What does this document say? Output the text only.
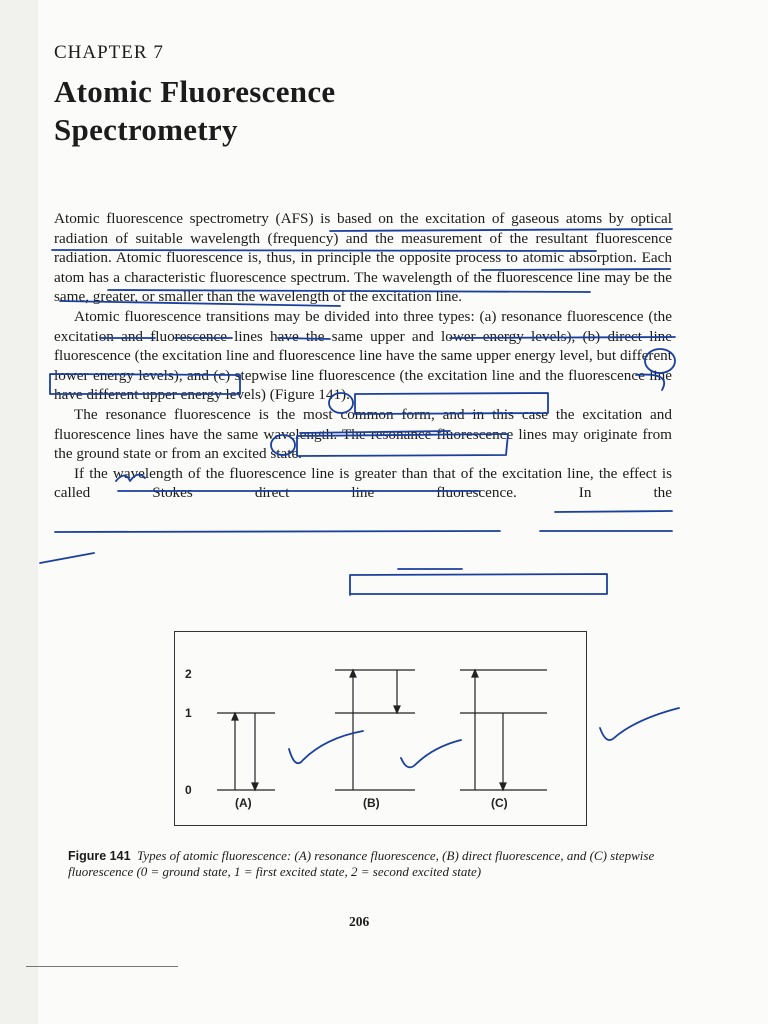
CHAPTER 7
Atomic Fluorescence
Spectrometry

Atomic fluorescence spectrometry (AFS) is based on the excitation of gaseous atoms by optical radiation of suitable wavelength (frequency) and the measurement of the resultant fluorescence radiation. Atomic fluorescence is, thus, in principle the opposite process to atomic absorption. Each atom has a characteristic fluorescence spectrum. The wavelength of the fluorescence line may be the same, greater, or smaller than the wavelength of the excitation line.

Atomic fluorescence transitions may be divided into three types: (a) resonance fluorescence (the excitation and fluorescence lines have the same upper and lower energy levels), (b) direct line fluorescence (the excitation line and fluorescence line have the same upper energy level, but different lower energy levels), and (c) stepwise line fluorescence (the excitation line and the fluorescence line have different upper energy levels) (Figure 141).

The resonance fluorescence is the most common form, and in this case the excitation and fluorescence lines have the same wavelength. The resonance fluorescence lines may originate from the ground state or from an excited state.

If the wavelength of the fluorescence line is greater than that of the excitation line, the effect is called Stokes direct line fluorescence. In the

2
1
0
(A)	(B)	(C)
Figure 141 Types of atomic fluorescence: (A) resonance fluorescence, (B) direct fluorescence, and (C) stepwise fluorescence (0 = ground state, 1 = first excited state, 2 = second excited state)
206
